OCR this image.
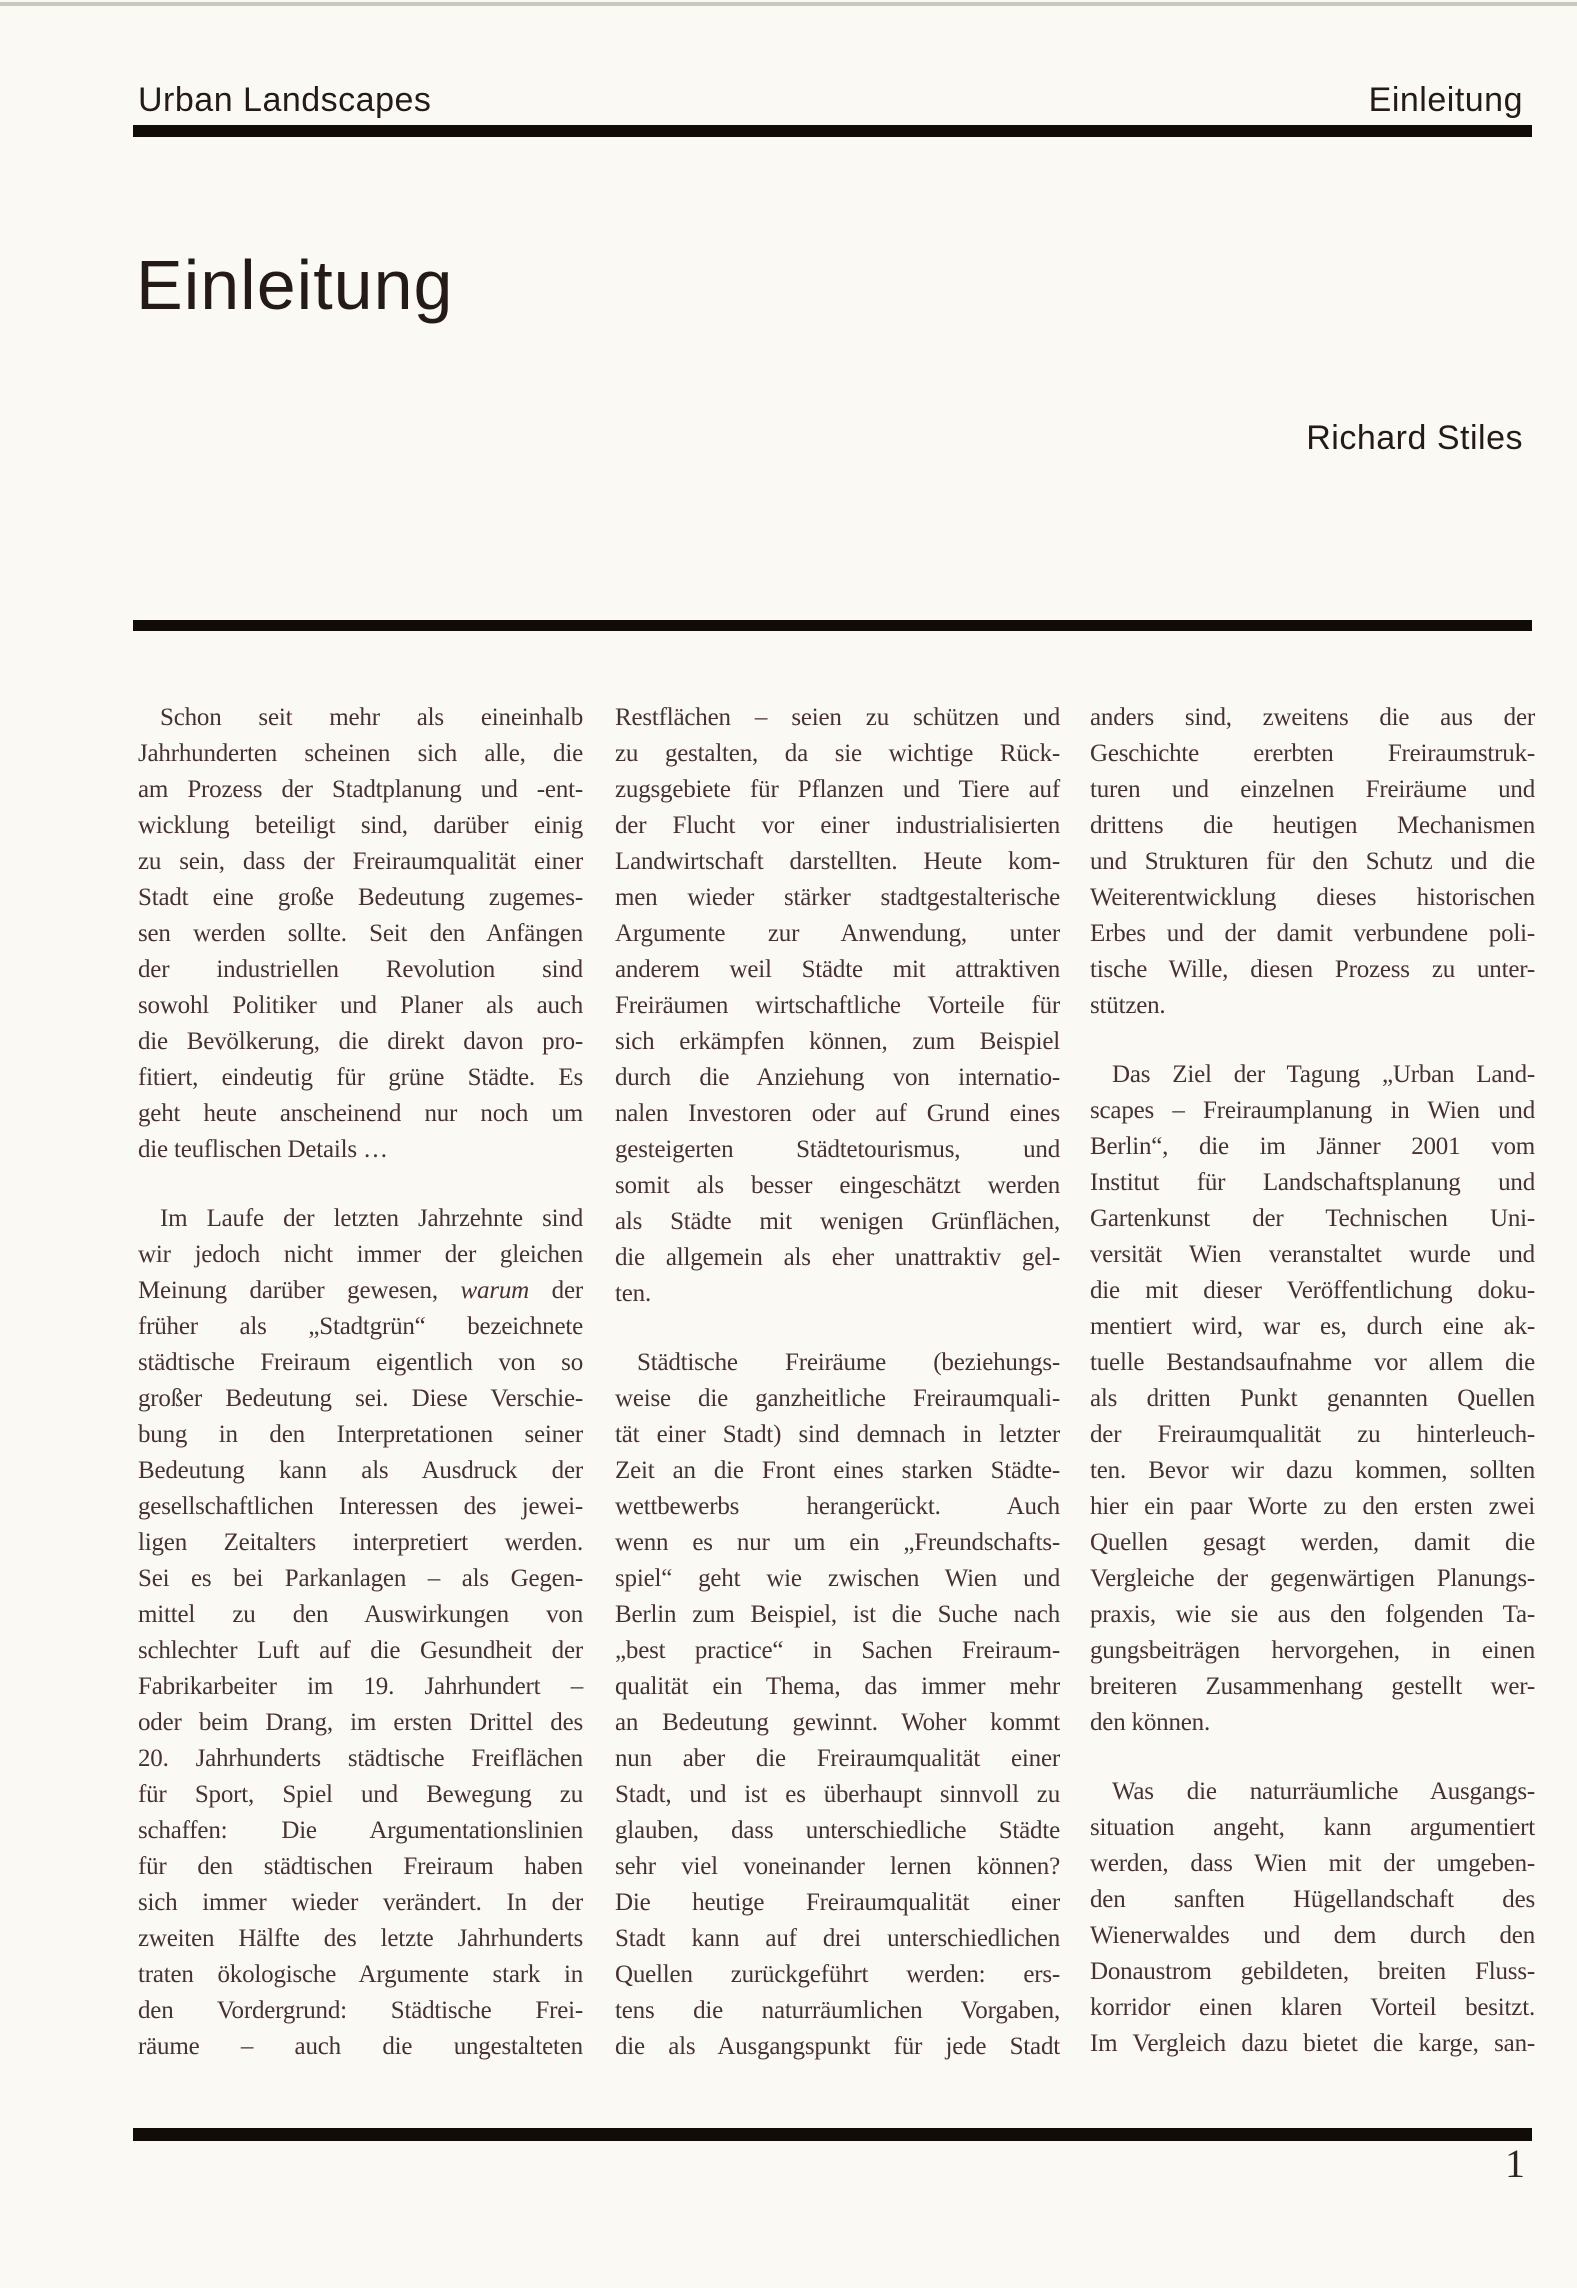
Urban Landscapes	Einleitung
Einleitung
Richard Stiles
Schon seit mehr als eineinhalb
Jahrhunderten scheinen sich alle, die
am Prozess der Stadtplanung und -ent-
wicklung beteiligt sind, darüber einig
zu sein, dass der Freiraumqualität einer
Stadt eine große Bedeutung zugemes-
sen werden sollte. Seit den Anfängen
der industriellen Revolution sind
sowohl Politiker und Planer als auch
die Bevölkerung, die direkt davon pro-
fitiert, eindeutig für grüne Städte. Es
geht heute anscheinend nur noch um
die teuflischen Details …
Im Laufe der letzten Jahrzehnte sind
wir jedoch nicht immer der gleichen
Meinung darüber gewesen, warum der
früher als „Stadtgrün“ bezeichnete
städtische Freiraum eigentlich von so
großer Bedeutung sei. Diese Verschie-
bung in den Interpretationen seiner
Bedeutung kann als Ausdruck der
gesellschaftlichen Interessen des jewei-
ligen Zeitalters interpretiert werden.
Sei es bei Parkanlagen – als Gegen-
mittel zu den Auswirkungen von
schlechter Luft auf die Gesundheit der
Fabrikarbeiter im 19. Jahrhundert –
oder beim Drang, im ersten Drittel des
20. Jahrhunderts städtische Freiflächen
für Sport, Spiel und Bewegung zu
schaffen: Die Argumentationslinien
für den städtischen Freiraum haben
sich immer wieder verändert. In der
zweiten Hälfte des letzte Jahrhunderts
traten ökologische Argumente stark in
den Vordergrund: Städtische Frei-
räume – auch die ungestalteten
Restflächen – seien zu schützen und
zu gestalten, da sie wichtige Rück-
zugsgebiete für Pflanzen und Tiere auf
der Flucht vor einer industrialisierten
Landwirtschaft darstellten. Heute kom-
men wieder stärker stadtgestalterische
Argumente zur Anwendung, unter
anderem weil Städte mit attraktiven
Freiräumen wirtschaftliche Vorteile für
sich erkämpfen können, zum Beispiel
durch die Anziehung von internatio-
nalen Investoren oder auf Grund eines
gesteigerten Städtetourismus, und
somit als besser eingeschätzt werden
als Städte mit wenigen Grünflächen,
die allgemein als eher unattraktiv gel-
ten.
Städtische Freiräume (beziehungs-
weise die ganzheitliche Freiraumquali-
tät einer Stadt) sind demnach in letzter
Zeit an die Front eines starken Städte-
wettbewerbs herangerückt. Auch
wenn es nur um ein „Freundschafts-
spiel“ geht wie zwischen Wien und
Berlin zum Beispiel, ist die Suche nach
„best practice“ in Sachen Freiraum-
qualität ein Thema, das immer mehr
an Bedeutung gewinnt. Woher kommt
nun aber die Freiraumqualität einer
Stadt, und ist es überhaupt sinnvoll zu
glauben, dass unterschiedliche Städte
sehr viel voneinander lernen können?
Die heutige Freiraumqualität einer
Stadt kann auf drei unterschiedlichen
Quellen zurückgeführt werden: ers-
tens die naturräumlichen Vorgaben,
die als Ausgangspunkt für jede Stadt
anders sind, zweitens die aus der
Geschichte ererbten Freiraumstruk-
turen und einzelnen Freiräume und
drittens die heutigen Mechanismen
und Strukturen für den Schutz und die
Weiterentwicklung dieses historischen
Erbes und der damit verbundene poli-
tische Wille, diesen Prozess zu unter-
stützen.
Das Ziel der Tagung „Urban Land-
scapes – Freiraumplanung in Wien und
Berlin“, die im Jänner 2001 vom
Institut für Landschaftsplanung und
Gartenkunst der Technischen Uni-
versität Wien veranstaltet wurde und
die mit dieser Veröffentlichung doku-
mentiert wird, war es, durch eine ak-
tuelle Bestandsaufnahme vor allem die
als dritten Punkt genannten Quellen
der Freiraumqualität zu hinterleuch-
ten. Bevor wir dazu kommen, sollten
hier ein paar Worte zu den ersten zwei
Quellen gesagt werden, damit die
Vergleiche der gegenwärtigen Planungs-
praxis, wie sie aus den folgenden Ta-
gungsbeiträgen hervorgehen, in einen
breiteren Zusammenhang gestellt wer-
den können.
Was die naturräumliche Ausgangs-
situation angeht, kann argumentiert
werden, dass Wien mit der umgeben-
den sanften Hügellandschaft des
Wienerwaldes und dem durch den
Donaustrom gebildeten, breiten Fluss-
korridor einen klaren Vorteil besitzt.
Im Vergleich dazu bietet die karge, san-
1
